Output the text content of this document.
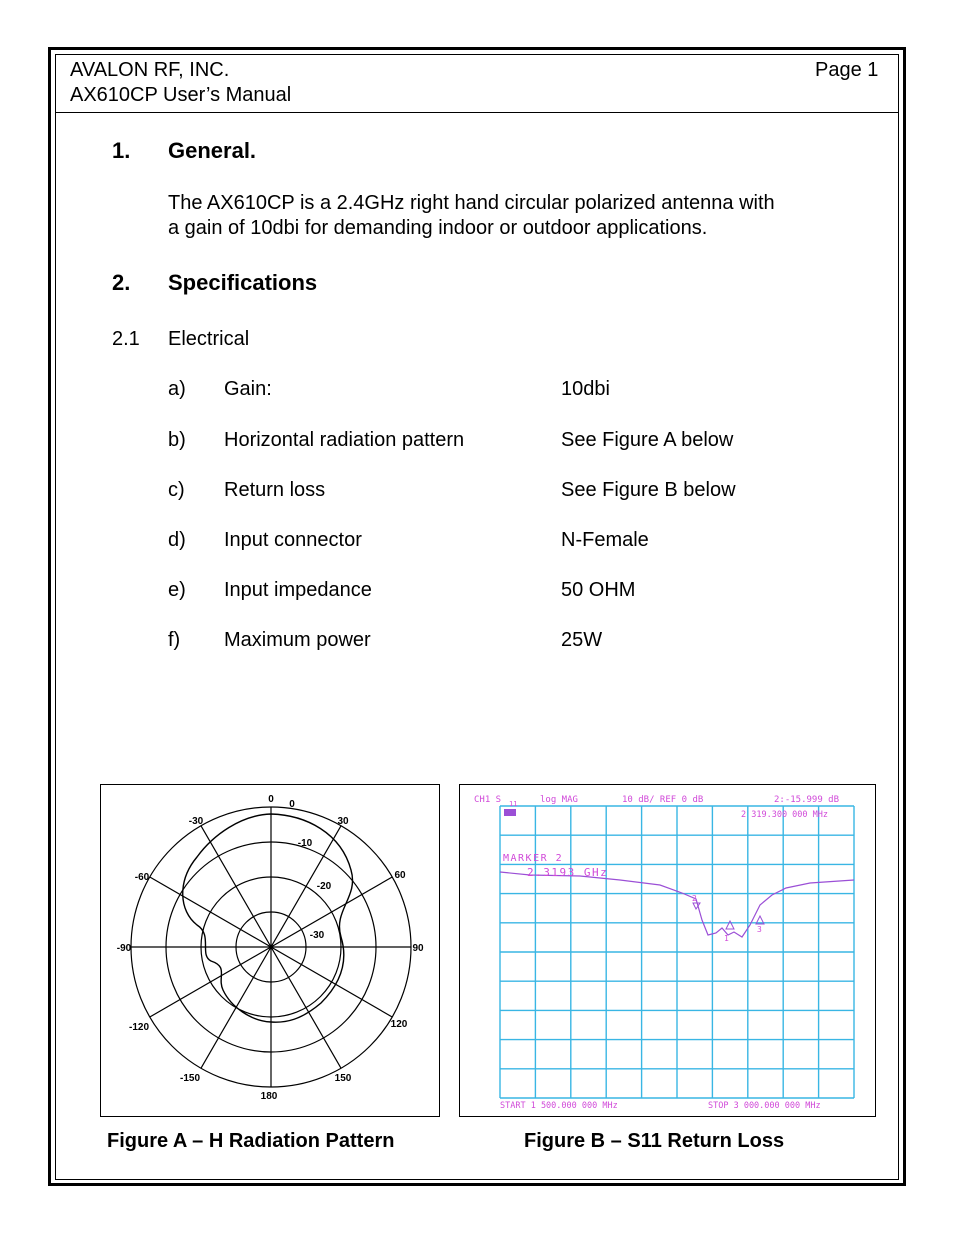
AVALON RF, INC.
AX610CP User’s Manual
Page 1
1. General.
The AX610CP is a 2.4GHz right hand circular polarized antenna with
a gain of 10dbi for demanding indoor or outdoor applications.
2. Specifications
2.1 Electrical
a) Gain:	10dbi
b) Horizontal radiation pattern	See Figure A below
c) Return loss	See Figure B below
d) Input connector	N-Female
e) Input impedance	50 OHM
f) Maximum power	25W
0
30
60
90
120
150
180
-150
-120
-90
-60
-30
0
-10
-20
-30
Figure A – H Radiation Pattern
CH1 S 11	log MAG	10 dB/ REF 0 dB	2:-15.999 dB
2 319.300 000 MHz
MARKER 2
2.3193 GHz
START 1 500.000 000 MHz	STOP 3 000.000 000 MHz
1
2
3
Figure B – S11 Return Loss
